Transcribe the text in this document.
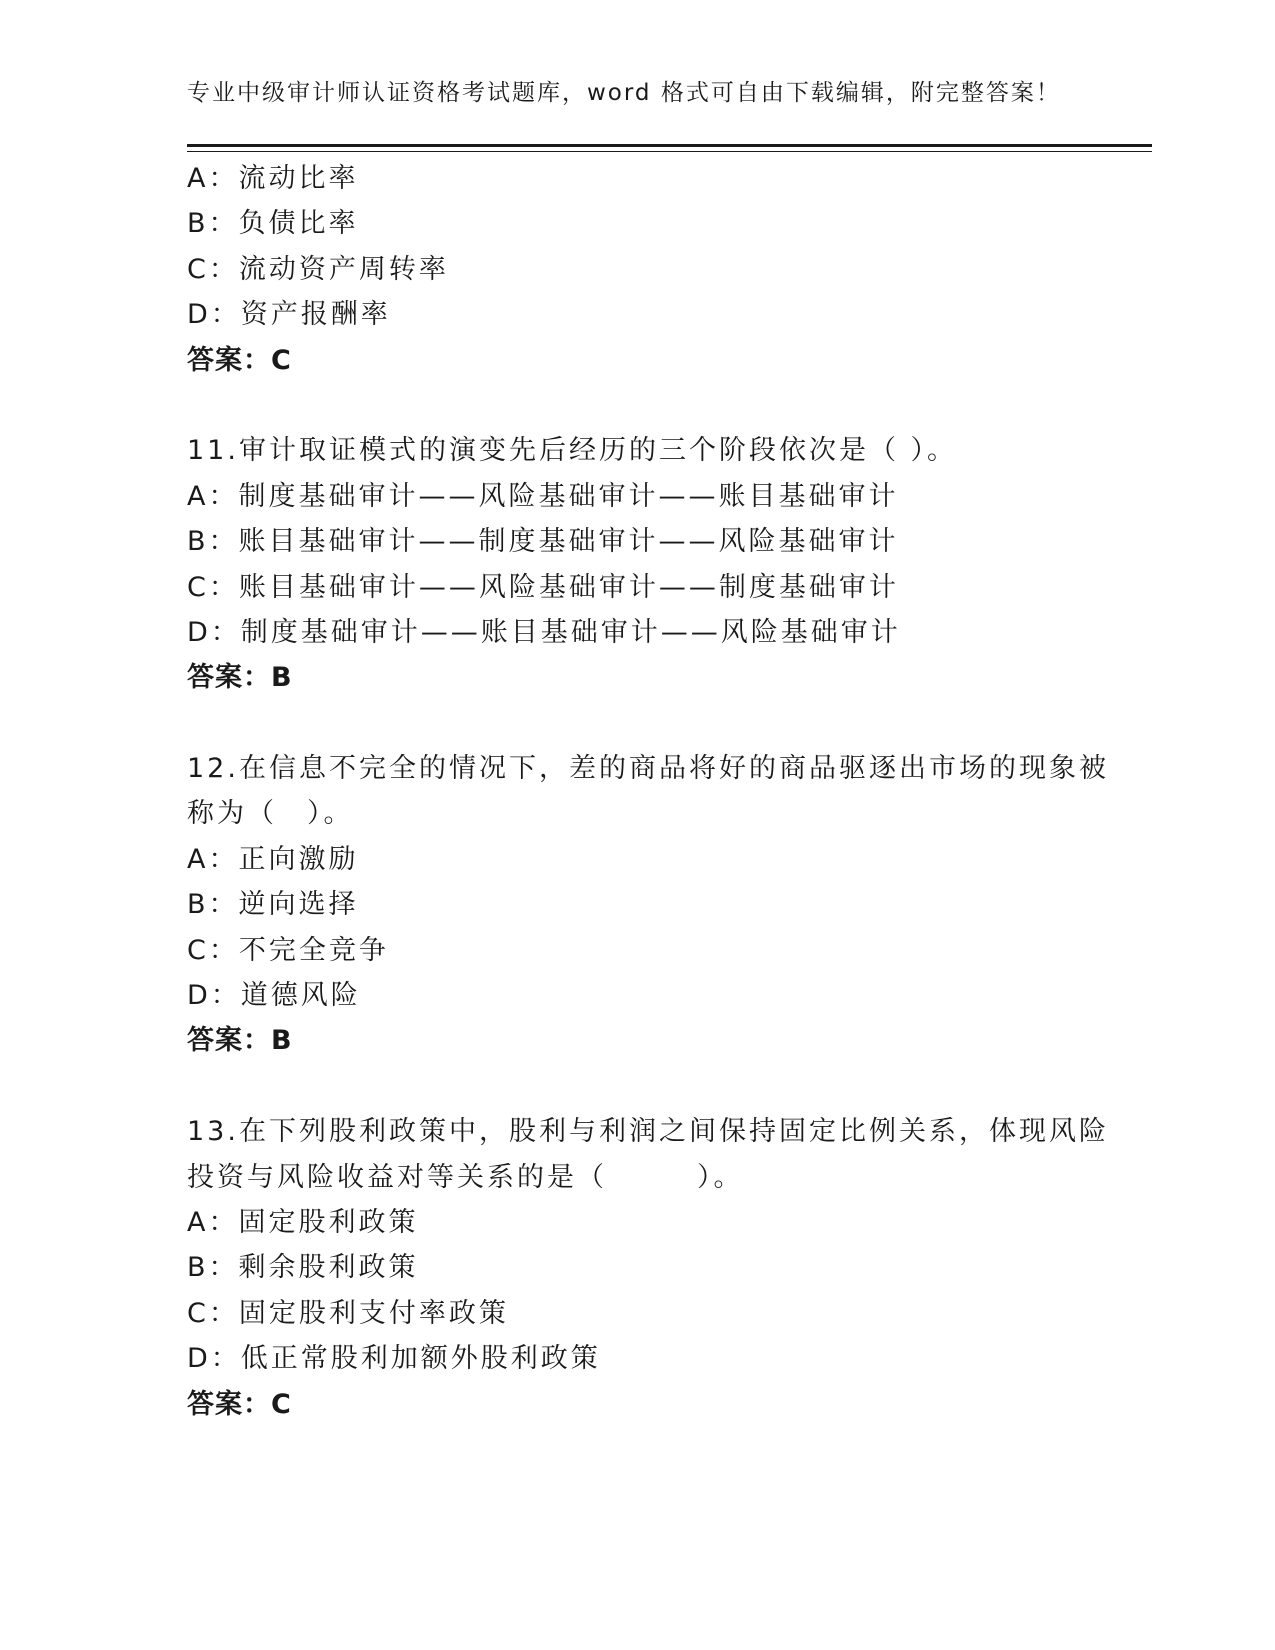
专业中级审计师认证资格考试题库，word 格式可自由下载编辑，附完整答案！
A：流动比率
B：负债比率
C：流动资产周转率
D：资产报酬率
答案：C
11.审计取证模式的演变先后经历的三个阶段依次是（ ）。
A：制度基础审计——风险基础审计——账目基础审计
B：账目基础审计——制度基础审计——风险基础审计
C：账目基础审计——风险基础审计——制度基础审计
D：制度基础审计——账目基础审计——风险基础审计
答案：B
12.在信息不完全的情况下，差的商品将好的商品驱逐出市场的现象被
称为（　）。
A：正向激励
B：逆向选择
C：不完全竞争
D：道德风险
答案：B
13.在下列股利政策中，股利与利润之间保持固定比例关系，体现风险
投资与风险收益对等关系的是（　　　）。
A：固定股利政策
B：剩余股利政策
C：固定股利支付率政策
D：低正常股利加额外股利政策
答案：C
